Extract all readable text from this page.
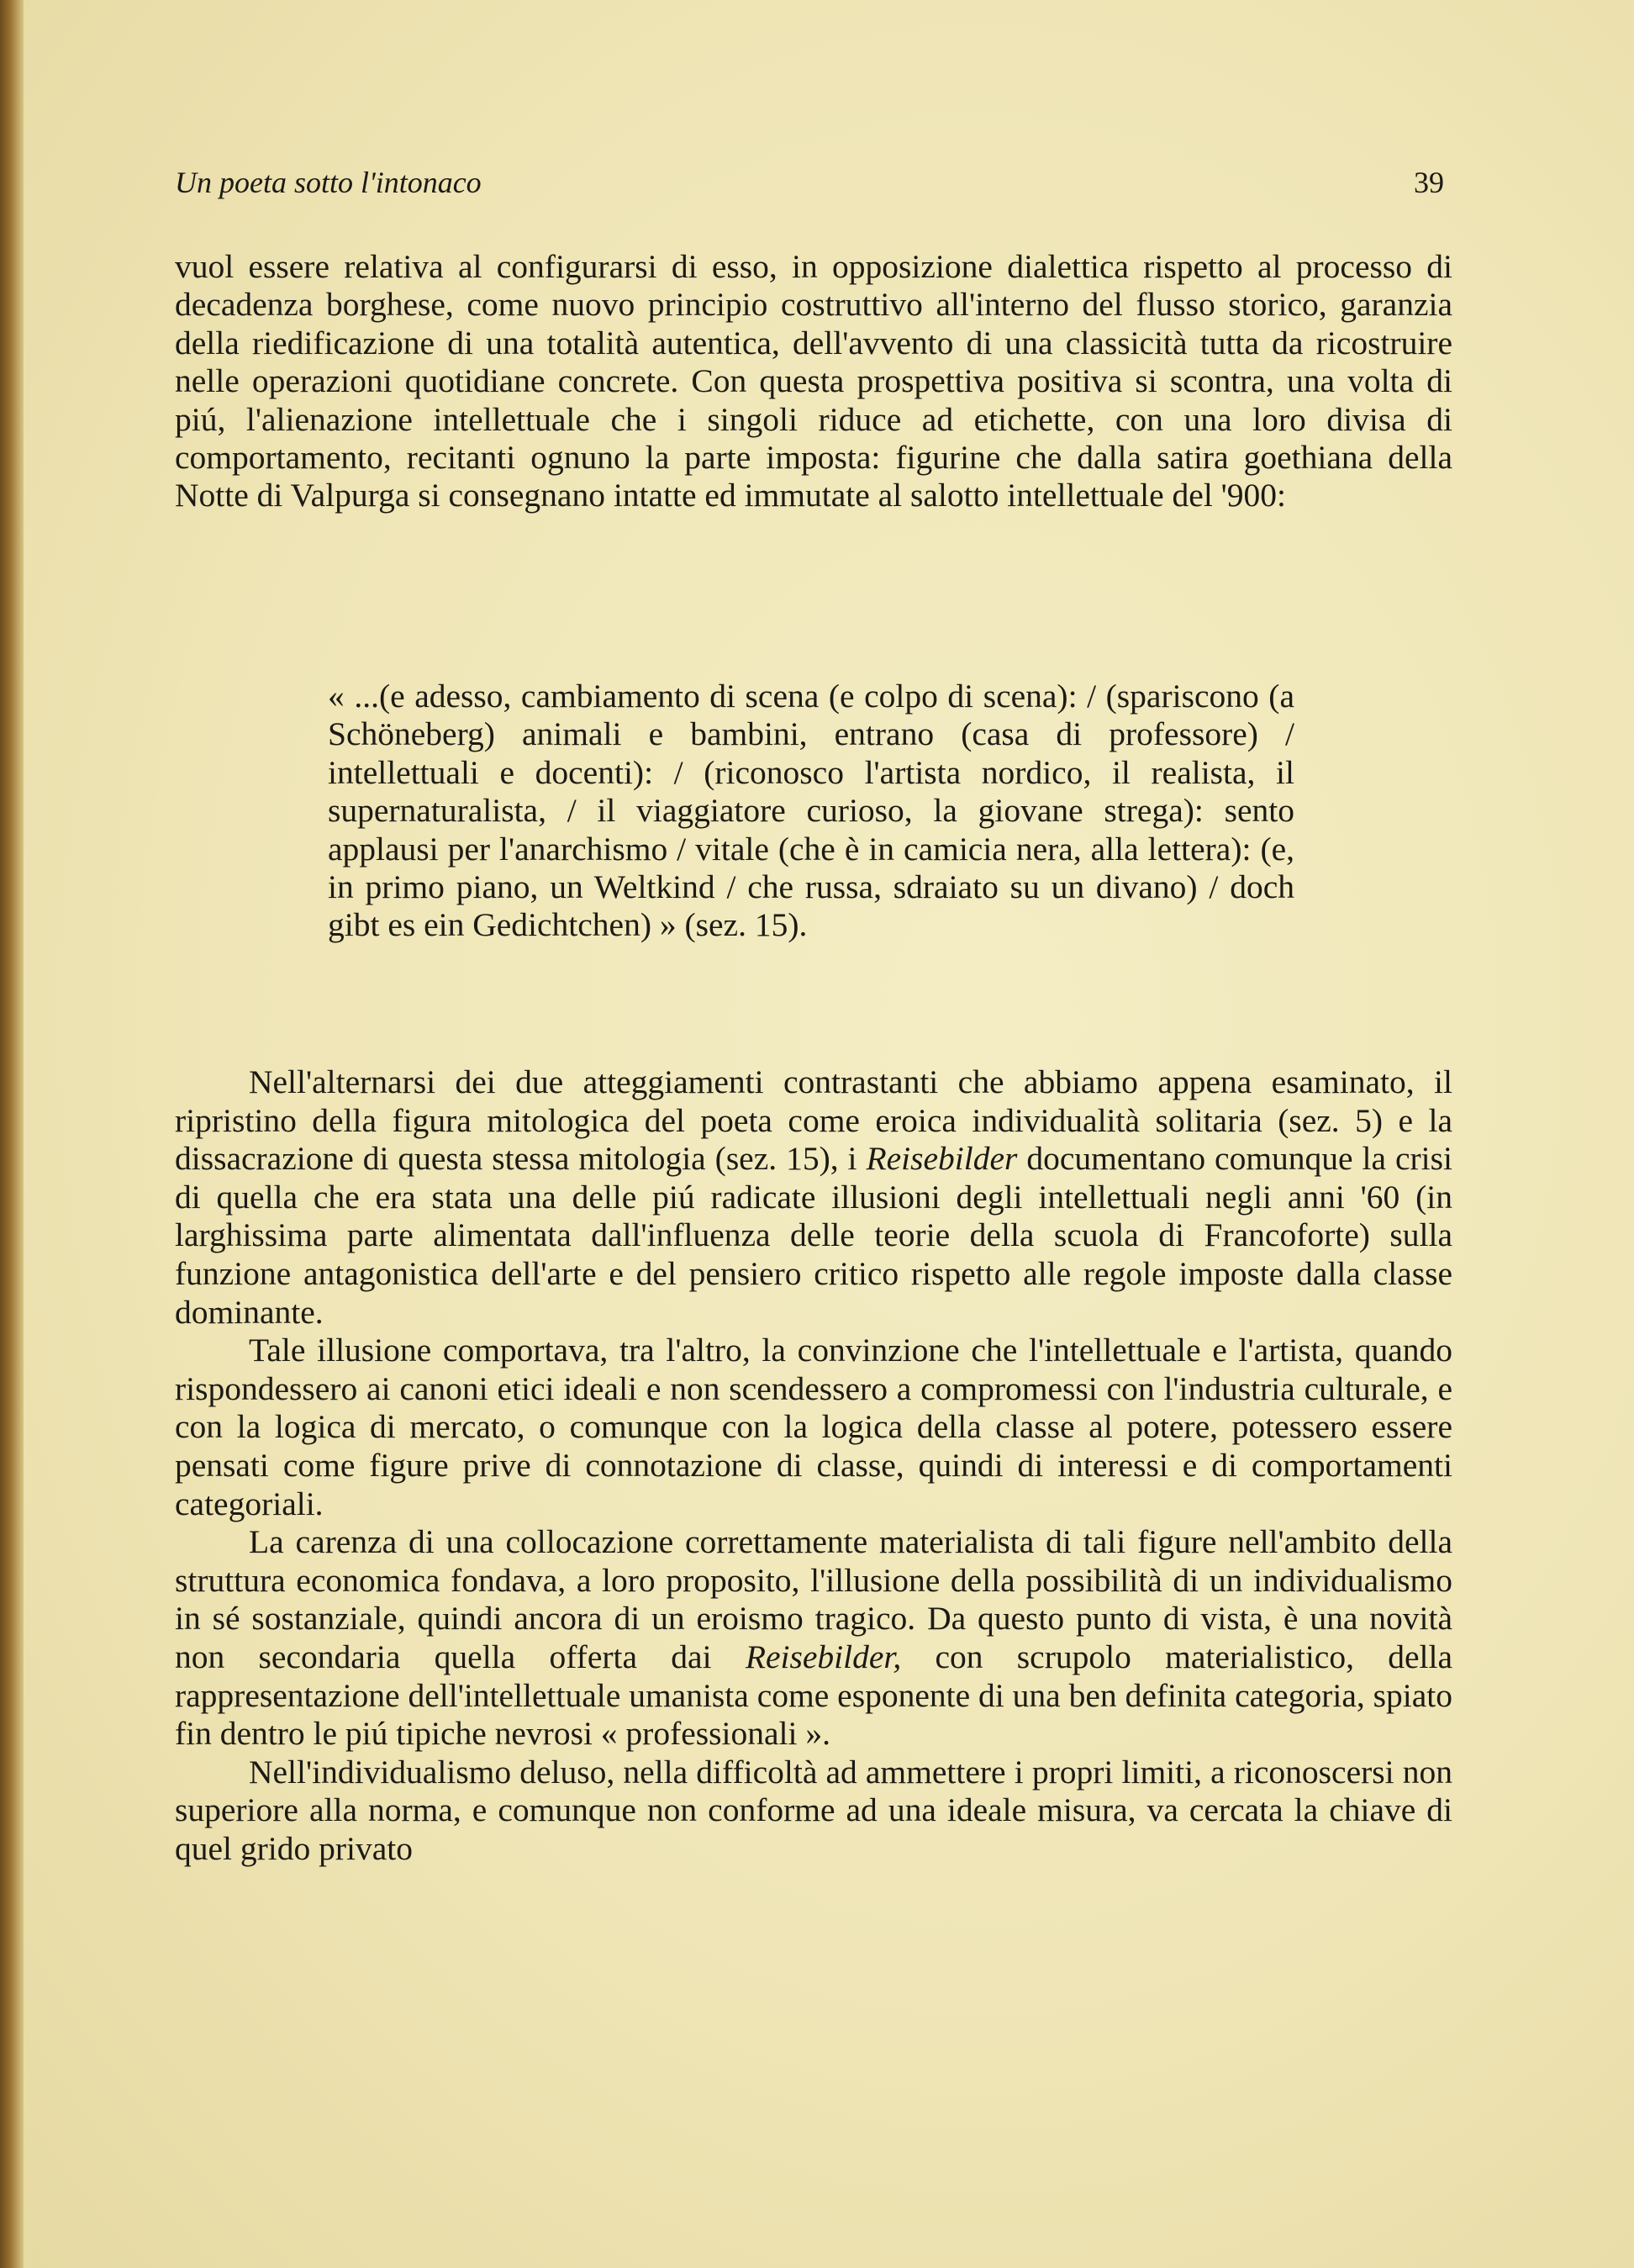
Un poeta sotto l'intonaco	39

vuol essere relativa al configurarsi di esso, in opposizione dialettica rispetto al processo di decadenza borghese, come nuovo principio costruttivo all'interno del flusso storico, garanzia della riedificazione di una totalità autentica, dell'avvento di una classicità tutta da ricostruire nelle operazioni quotidiane concrete. Con questa prospettiva positiva si scontra, una volta di piú, l'alienazione intellettuale che i singoli riduce ad etichette, con una loro divisa di comportamento, recitanti ognuno la parte imposta: figurine che dalla satira goethiana della Notte di Valpurga si consegnano intatte ed immutate al salotto intellettuale del '900:

« ...(e adesso, cambiamento di scena (e colpo di scena): / (spariscono (a Schöneberg) animali e bambini, entrano (casa di professore) / intellettuali e docenti): / (riconosco l'artista nordico, il realista, il supernaturalista, / il viaggiatore curioso, la giovane strega): sento applausi per l'anarchismo / vitale (che è in camicia nera, alla lettera): (e, in primo piano, un Weltkind / che russa, sdraiato su un divano) / doch gibt es ein Gedichtchen) » (sez. 15).

Nell'alternarsi dei due atteggiamenti contrastanti che abbiamo appena esaminato, il ripristino della figura mitologica del poeta come eroica individualità solitaria (sez. 5) e la dissacrazione di questa stessa mitologia (sez. 15), i Reisebilder documentano comunque la crisi di quella che era stata una delle piú radicate illusioni degli intellettuali negli anni '60 (in larghissima parte alimentata dall'influenza delle teorie della scuola di Francoforte) sulla funzione antagonistica dell'arte e del pensiero critico rispetto alle regole imposte dalla classe dominante.

Tale illusione comportava, tra l'altro, la convinzione che l'intellettuale e l'artista, quando rispondessero ai canoni etici ideali e non scendessero a compromessi con l'industria culturale, e con la logica di mercato, o comunque con la logica della classe al potere, potessero essere pensati come figure prive di connotazione di classe, quindi di interessi e di comportamenti categoriali.

La carenza di una collocazione correttamente materialista di tali figure nell'ambito della struttura economica fondava, a loro proposito, l'illusione della possibilità di un individualismo in sé sostanziale, quindi ancora di un eroismo tragico. Da questo punto di vista, è una novità non secondaria quella offerta dai Reisebilder, con scrupolo materialistico, della rappresentazione dell'intellettuale umanista come esponente di una ben definita categoria, spiato fin dentro le piú tipiche nevrosi « professionali ».

Nell'individualismo deluso, nella difficoltà ad ammettere i propri limiti, a riconoscersi non superiore alla norma, e comunque non conforme ad una ideale misura, va cercata la chiave di quel grido privato
